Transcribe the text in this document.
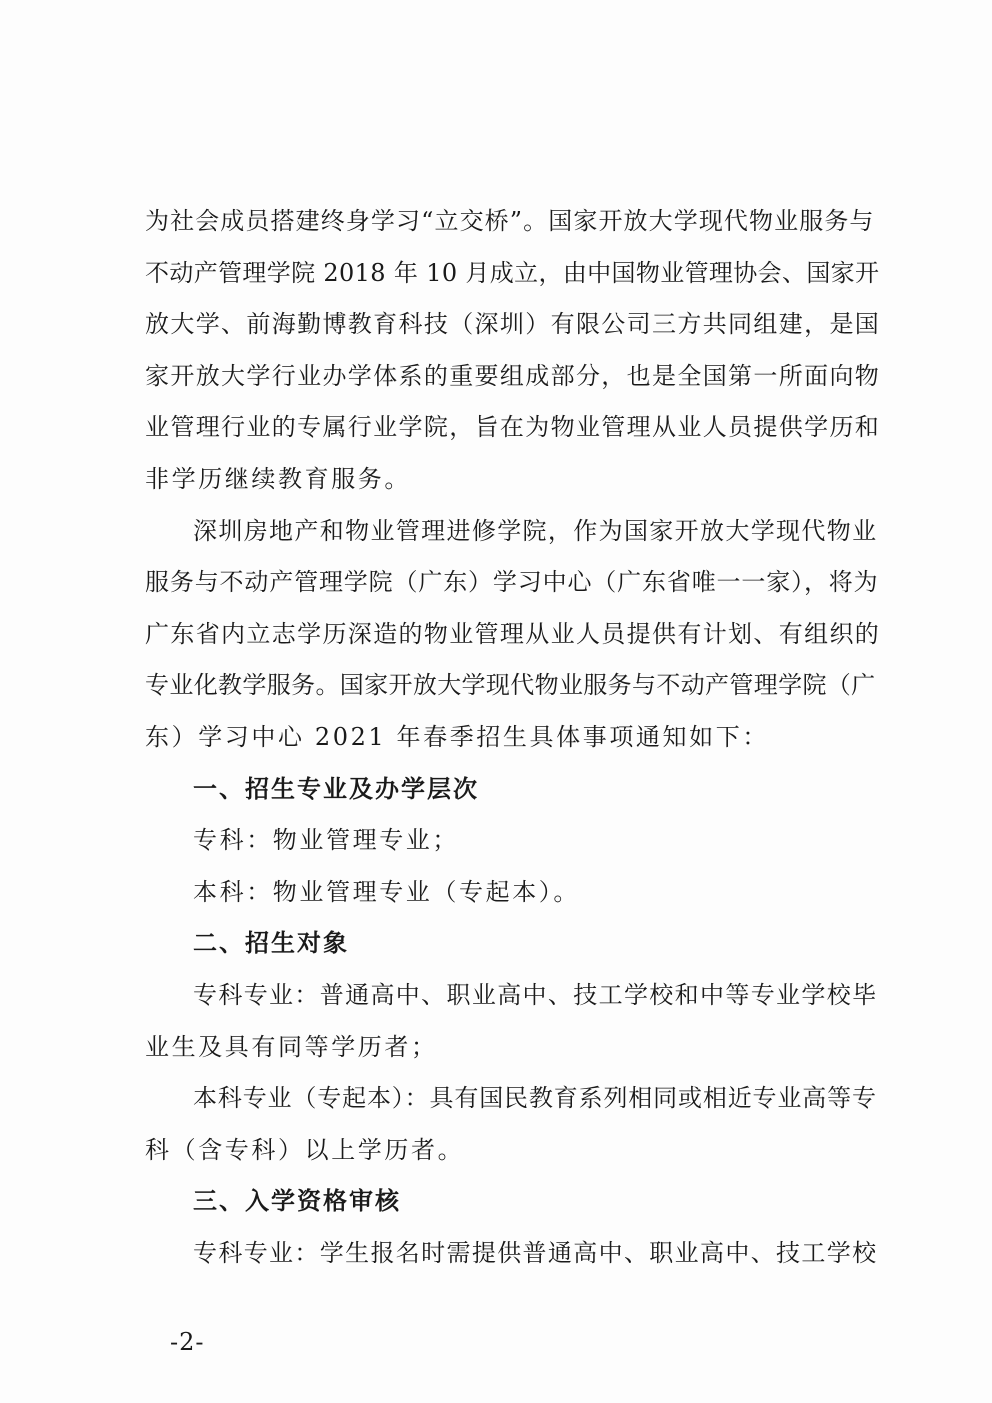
为社会成员搭建终身学习“立交桥”。国家开放大学现代物业服务与
不动产管理学院 2018 年 10 月成立，由中国物业管理协会、国家开
放大学、前海勤博教育科技（深圳）有限公司三方共同组建，是国
家开放大学行业办学体系的重要组成部分，也是全国第一所面向物
业管理行业的专属行业学院，旨在为物业管理从业人员提供学历和
非学历继续教育服务。
深圳房地产和物业管理进修学院，作为国家开放大学现代物业
服务与不动产管理学院（广东）学习中心（广东省唯一一家），将为
广东省内立志学历深造的物业管理从业人员提供有计划、有组织的
专业化教学服务。国家开放大学现代物业服务与不动产管理学院（广
东）学习中心 2021 年春季招生具体事项通知如下：
一、招生专业及办学层次
专科：物业管理专业；
本科：物业管理专业（专起本）。
二、招生对象
专科专业：普通高中、职业高中、技工学校和中等专业学校毕
业生及具有同等学历者；
本科专业（专起本）：具有国民教育系列相同或相近专业高等专
科（含专科）以上学历者。
三、入学资格审核
专科专业：学生报名时需提供普通高中、职业高中、技工学校
-2-
